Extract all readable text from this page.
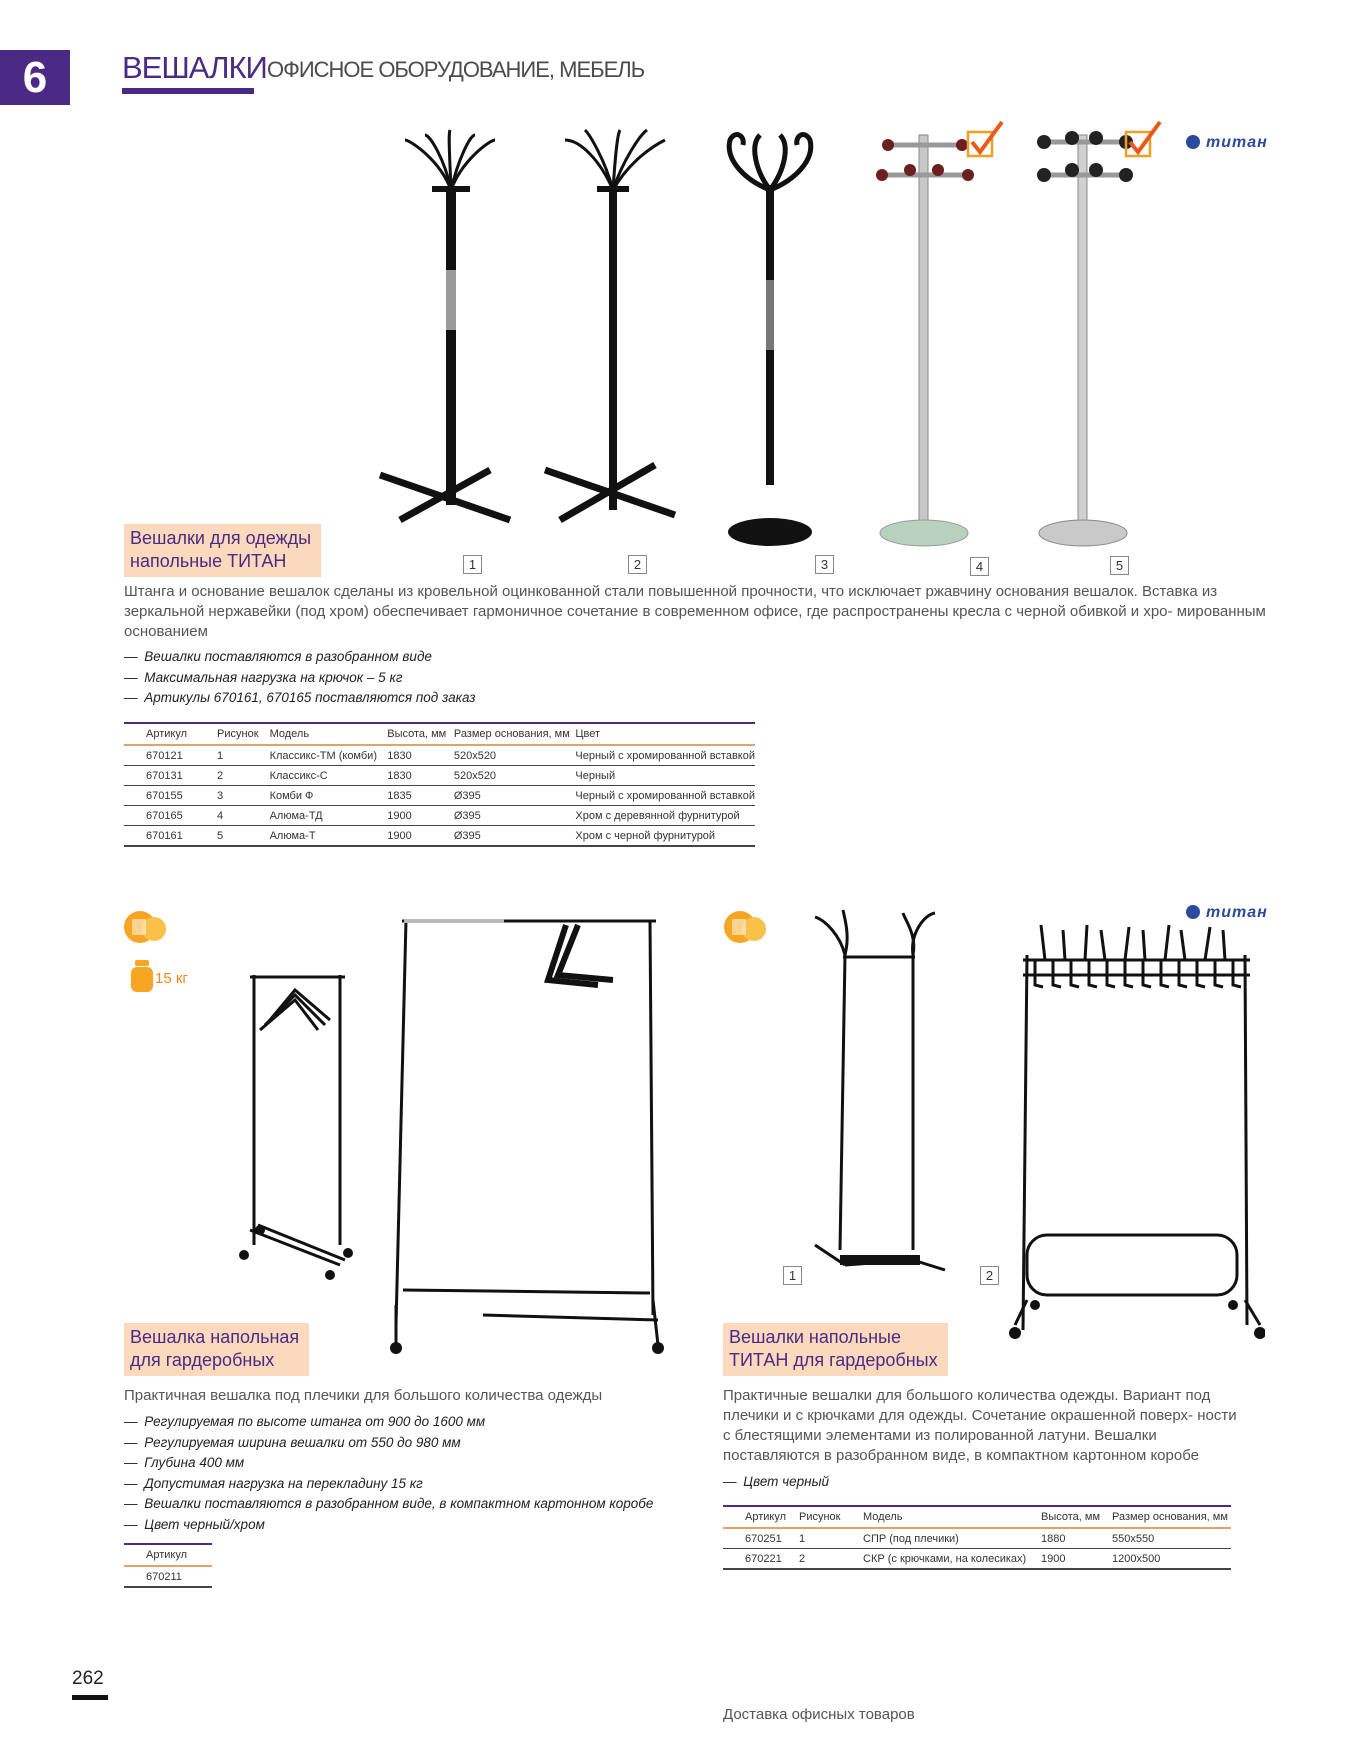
6	ВЕШАЛКИ ОФИСНОЕ ОБОРУДОВАНИЕ, МЕБЕЛЬ
mumaн
1	2	3	4	5
Вешалки для одежды
напольные ТИТАН
Штанга и основание вешалок сделаны из кровельной оцинкованной стали повышенной прочности, что исключает ржавчину основания вешалок. Вставка из зеркальной нержавейки (под хром) обеспечивает гармоничное сочетание в современном офисе, где распространены кресла с черной обивкой и хро- мированным основанием
— Вешалки поставляются в разобранном виде
— Максимальная нагрузка на крючок – 5 кг
— Артикулы 670161, 670165 поставляются под заказ
Артикул	Рисунок	Модель	Высота, мм	Размер основания, мм	Цвет
670121	1	Классикс-ТМ (комби)	1830	520x520	Черный с хромированной вставкой
670131	2	Классикс-С	1830	520x520	Черный
670155	3	Комби Ф	1835	Ø395	Черный с хромированной вставкой
670165	4	Алюма-ТД	1900	Ø395	Хром с деревянной фурнитурой
670161	5	Алюма-Т	1900	Ø395	Хром с черной фурнитурой
15 кг
Вешалка напольная
для гардеробных
Практичная вешалка под плечики для большого количества одежды
— Регулируемая по высоте штанга от 900 до 1600 мм
— Регулируемая ширина вешалки от 550 до 980 мм
— Глубина 400 мм
— Допустимая нагрузка на перекладину 15 кг
— Вешалки поставляются в разобранном виде, в компактном картонном коробе
— Цвет черный/хром
Артикул
670211
mumaн
1	2
Вешалки напольные
ТИТАН для гардеробных
Практичные вешалки для большого количества одежды. Вариант под плечики и с крючками для одежды. Сочетание окрашенной поверх- ности с блестящими элементами из полированной латуни. Вешалки поставляются в разобранном виде, в компактном картонном коробе
— Цвет черный
Артикул	Рисунок	Модель	Высота, мм	Размер основания, мм
670251	1	СПР (под плечики)	1880	550x550
670221	2	СКР (с крючками, на колесиках)	1900	1200x500
262
Доставка офисных товаров
